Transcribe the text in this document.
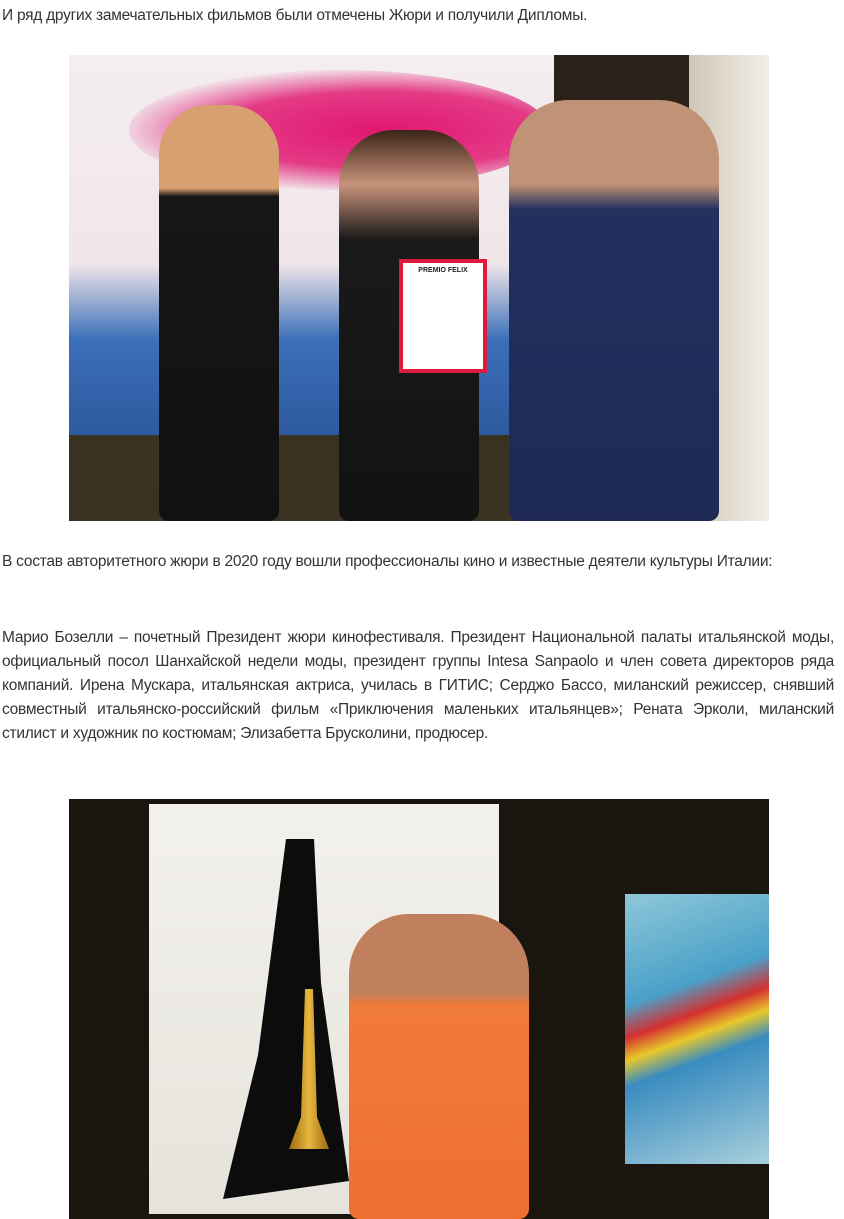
И ряд других замечательных фильмов были отмечены Жюри и получили Дипломы.

PREMIO FELIX

В состав авторитетного жюри в 2020 году вошли профессионалы кино и известные деятели культуры Италии:

Марио Бозелли – почетный Президент жюри кинофестиваля. Президент Национальной палаты итальянской моды, официальный посол Шанхайской недели моды, президент группы Intesa Sanpaolo и член совета директоров ряда компаний. Ирена Мускара, итальянская актриса, училась в ГИТИС; Серджо Бассо, миланский режиссер, снявший совместный итальянско-российский фильм «Приключения маленьких итальянцев»; Рената Эрколи, миланский стилист и художник по костюмам; Элизабетта Брусколини, продюсер.
